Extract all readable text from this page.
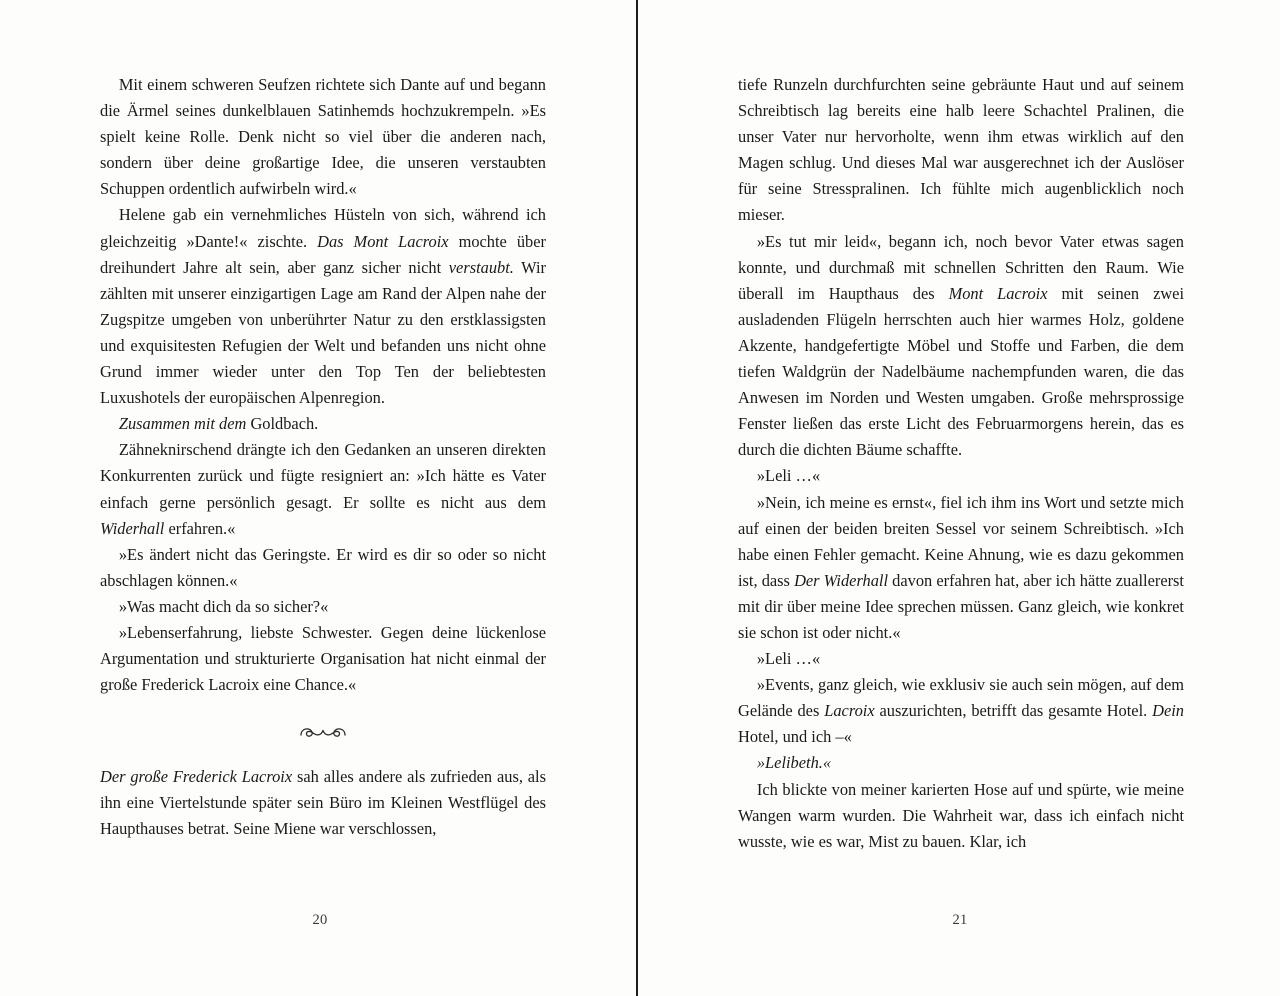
Mit einem schweren Seufzen richtete sich Dante auf und begann die Ärmel seines dunkelblauen Satinhemds hochzukrempeln. »Es spielt keine Rolle. Denk nicht so viel über die anderen nach, sondern über deine großartige Idee, die unseren verstaubten Schuppen ordentlich aufwirbeln wird.«

Helene gab ein vernehmliches Hüsteln von sich, während ich gleichzeitig »Dante!« zischte. Das Mont Lacroix mochte über dreihundert Jahre alt sein, aber ganz sicher nicht verstaubt. Wir zählten mit unserer einzigartigen Lage am Rand der Alpen nahe der Zugspitze umgeben von unberührter Natur zu den erstklassigsten und exquisitesten Refugien der Welt und befanden uns nicht ohne Grund immer wieder unter den Top Ten der beliebtesten Luxushotels der europäischen Alpenregion.

Zusammen mit dem Goldbach.

Zähneknirschend drängte ich den Gedanken an unseren direkten Konkurrenten zurück und fügte resigniert an: »Ich hätte es Vater einfach gerne persönlich gesagt. Er sollte es nicht aus dem Widerhall erfahren.«

»Es ändert nicht das Geringste. Er wird es dir so oder so nicht abschlagen können.«

»Was macht dich da so sicher?«

»Lebenserfahrung, liebste Schwester. Gegen deine lückenlose Argumentation und strukturierte Organisation hat nicht einmal der große Frederick Lacroix eine Chance.«

Der große Frederick Lacroix sah alles andere als zufrieden aus, als ihn eine Viertelstunde später sein Büro im Kleinen Westflügel des Haupthauses betrat. Seine Miene war verschlossen,

20

tiefe Runzeln durchfurchten seine gebräunte Haut und auf seinem Schreibtisch lag bereits eine halb leere Schachtel Pralinen, die unser Vater nur hervorholte, wenn ihm etwas wirklich auf den Magen schlug. Und dieses Mal war ausgerechnet ich der Auslöser für seine Stresspralinen. Ich fühlte mich augenblicklich noch mieser.

»Es tut mir leid«, begann ich, noch bevor Vater etwas sagen konnte, und durchmaß mit schnellen Schritten den Raum. Wie überall im Haupthaus des Mont Lacroix mit seinen zwei ausladenden Flügeln herrschten auch hier warmes Holz, goldene Akzente, handgefertigte Möbel und Stoffe und Farben, die dem tiefen Waldgrün der Nadelbäume nachempfunden waren, die das Anwesen im Norden und Westen umgaben. Große mehrsprossige Fenster ließen das erste Licht des Februarmorgens herein, das es durch die dichten Bäume schaffte.

»Leli …«

»Nein, ich meine es ernst«, fiel ich ihm ins Wort und setzte mich auf einen der beiden breiten Sessel vor seinem Schreibtisch. »Ich habe einen Fehler gemacht. Keine Ahnung, wie es dazu gekommen ist, dass Der Widerhall davon erfahren hat, aber ich hätte zuallererst mit dir über meine Idee sprechen müssen. Ganz gleich, wie konkret sie schon ist oder nicht.«

»Leli …«

»Events, ganz gleich, wie exklusiv sie auch sein mögen, auf dem Gelände des Lacroix auszurichten, betrifft das gesamte Hotel. Dein Hotel, und ich –«

»Lelibeth.«

Ich blickte von meiner karierten Hose auf und spürte, wie meine Wangen warm wurden. Die Wahrheit war, dass ich einfach nicht wusste, wie es war, Mist zu bauen. Klar, ich

21
